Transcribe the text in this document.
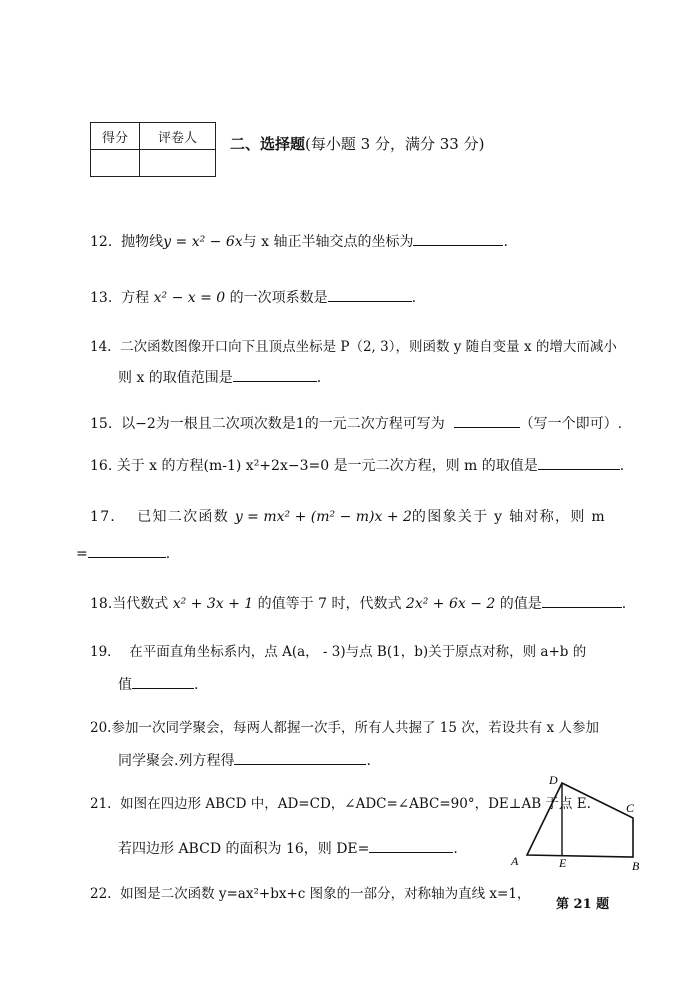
得分	评卷人
	二、选择题(每小题 3 分，满分 33 分)
12. 抛物线y = x² − 6x与 x 轴正半轴交点的坐标为	.
13. 方程 x² − x = 0 的一次项系数是	.
14. 二次函数图像开口向下且顶点坐标是 P（2, 3），则函数 y 随自变量 x 的增大而减小
则 x 的取值范围是	.
15. 以−2为一根且二次项次数是1的一元二次方程可写为	（写一个即可）.
16. 关于 x 的方程(m-1) x²+2x−3=0 是一元二次方程，则 m 的取值是	.
17． 已知二次函数 y = mx² + (m² − m)x + 2的图象关于 y 轴对称，则 m
=	.
18.当代数式 x² + 3x + 1 的值等于 7 时，代数式 2x² + 6x − 2 的值是	.
19． 在平面直角坐标系内，点 A(a， - 3)与点 B(1，b)关于原点对称，则 a+b 的
值	.
20.参加一次同学聚会，每两人都握一次手，所有人共握了 15 次，若设共有 x 人参加
同学聚会.列方程得	.
21. 如图在四边形 ABCD 中，AD=CD，∠ADC=∠ABC=90°，DE⊥AB 于点 E.
若四边形 ABCD 的面积为 16，则 DE=	.
22. 如图是二次函数 y=ax²+bx+c 图象的一部分，对称轴为直线 x=1，
A	B
C
D
E
第 21 题
